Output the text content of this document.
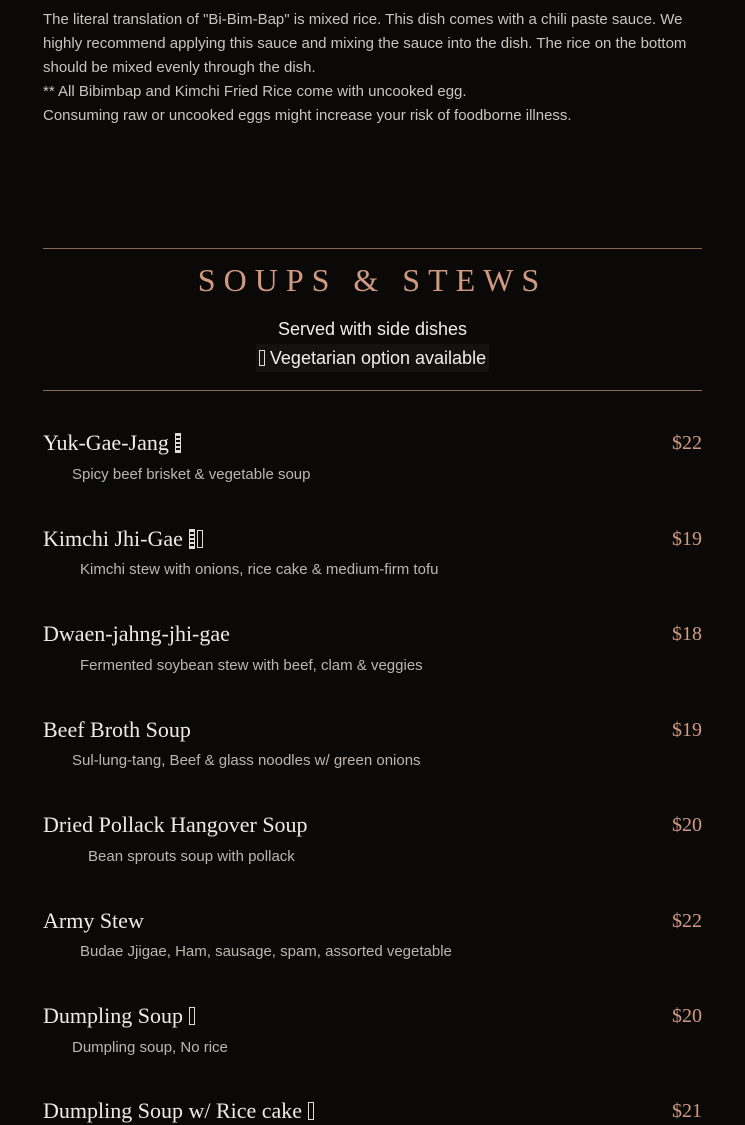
The literal translation of "Bi-Bim-Bap" is mixed rice. This dish comes with a chili paste sauce. We highly recommend applying this sauce and mixing the sauce into the dish. The rice on the bottom should be mixed evenly through the dish.

** All Bibimbap and Kimchi Fried Rice come with uncooked egg.

Consuming raw or uncooked eggs might increase your risk of foodborne illness.

SOUPS & STEWS
Served with side dishes
Vegetarian option available
Yuk-Gae-Jang	$22
Spicy beef brisket & vegetable soup
Kimchi Jhi-Gae	$19
Kimchi stew with onions, rice cake & medium-firm tofu
Dwaen-jahng-jhi-gae	$18
Fermented soybean stew with beef, clam & veggies
Beef Broth Soup	$19
Sul-lung-tang, Beef & glass noodles w/ green onions
Dried Pollack Hangover Soup	$20
Bean sprouts soup with pollack
Army Stew	$22
Budae Jjigae, Ham, sausage, spam, assorted vegetable
Dumpling Soup	$20
Dumpling soup, No rice
Dumpling Soup w/ Rice cake	$21
